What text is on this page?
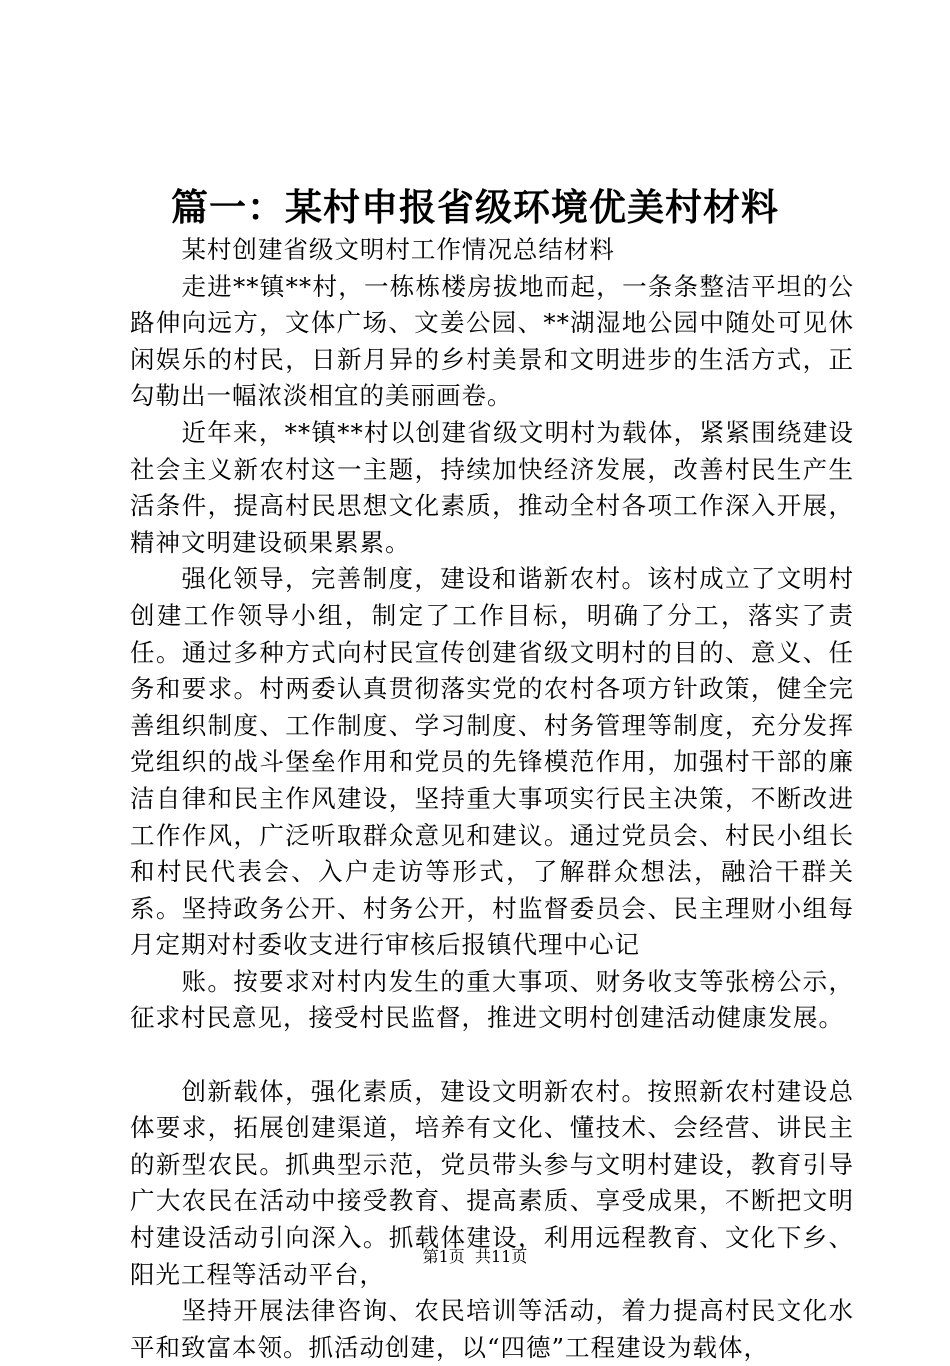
篇一：某村申报省级环境优美村材料

某村创建省级文明村工作情况总结材料

走进**镇**村，一栋栋楼房拔地而起，一条条整洁平坦的公路伸向远方，文体广场、文姜公园、**湖湿地公园中随处可见休闲娱乐的村民，日新月异的乡村美景和文明进步的生活方式，正勾勒出一幅浓淡相宜的美丽画卷。

近年来，**镇**村以创建省级文明村为载体，紧紧围绕建设社会主义新农村这一主题，持续加快经济发展，改善村民生产生活条件，提高村民思想文化素质，推动全村各项工作深入开展，精神文明建设硕果累累。

强化领导，完善制度，建设和谐新农村。该村成立了文明村创建工作领导小组，制定了工作目标，明确了分工，落实了责任。通过多种方式向村民宣传创建省级文明村的目的、意义、任务和要求。村两委认真贯彻落实党的农村各项方针政策，健全完善组织制度、工作制度、学习制度、村务管理等制度，充分发挥党组织的战斗堡垒作用和党员的先锋模范作用，加强村干部的廉洁自律和民主作风建设，坚持重大事项实行民主决策，不断改进工作作风，广泛听取群众意见和建议。通过党员会、村民小组长和村民代表会、入户走访等形式，了解群众想法，融洽干群关系。坚持政务公开、村务公开，村监督委员会、民主理财小组每月定期对村委收支进行审核后报镇代理中心记

账。按要求对村内发生的重大事项、财务收支等张榜公示，征求村民意见，接受村民监督，推进文明村创建活动健康发展。

创新载体，强化素质，建设文明新农村。按照新农村建设总体要求，拓展创建渠道，培养有文化、懂技术、会经营、讲民主的新型农民。抓典型示范，党员带头参与文明村建设，教育引导广大农民在活动中接受教育、提高素质、享受成果，不断把文明村建设活动引向深入。抓载体建设，利用远程教育、文化下乡、阳光工程等活动平台，

坚持开展法律咨询、农民培训等活动，着力提高村民文化水平和致富本领。抓活动创建，以“四德”工程建设为载体，

第1页 共11页
